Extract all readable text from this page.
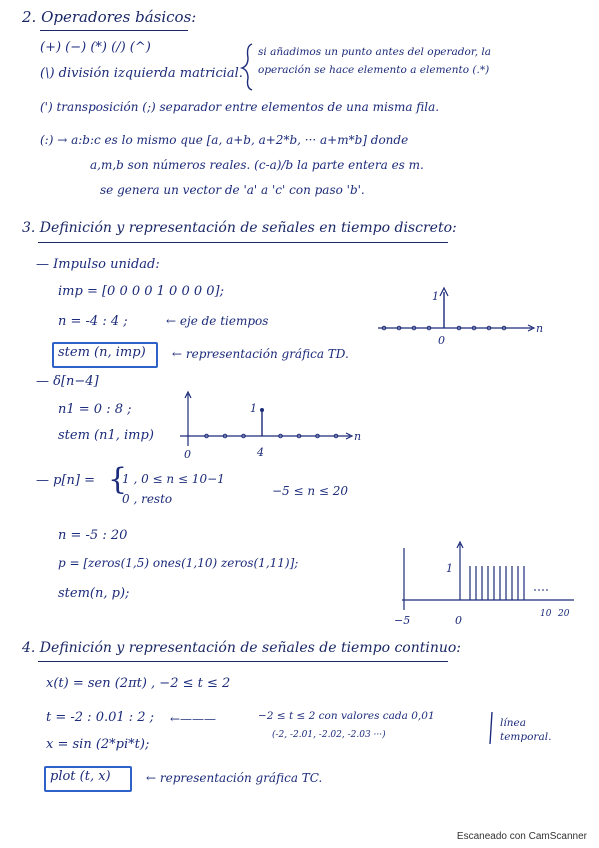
2. Operadores básicos:
(+) (−) (*) (/) (^)
(\) división izquierda matricial.
si añadimos un punto antes del operador, la
operación se hace elemento a elemento (.*)
(') transposición (;) separador entre elementos de una misma fila.
(:) → a:b:c es lo mismo que [a, a+b, a+2*b, ··· a+m*b] donde
a,m,b son números reales. (c-a)/b la parte entera es m.
se genera un vector de 'a' a 'c' con paso 'b'.
3. Definición y representación de señales en tiempo discreto:
— Impulso unidad:
imp = [0 0 0 0 1 0 0 0 0];
n = -4 : 4 ;	← eje de tiempos
stem (n, imp) ← representación gráfica TD.
— δ[n−4]
n1 = 0 : 8 ;
stem (n1, imp)
— p[n] = {
1 , 0 ≤ n ≤ 10−1
0 , resto
−5 ≤ n ≤ 20
n = -5 : 20
p = [zeros(1,5) ones(1,10) zeros(1,11)];
stem(n, p);
4. Definición y representación de señales de tiempo continuo:
x(t) = sen (2πt) , −2 ≤ t ≤ 2
t = -2 : 0.01 : 2 ; ←———	−2 ≤ t ≤ 2 con valores cada 0,01
(-2, -2.01, -2.02, -2.03 ···)
línea temporal.
x = sin (2*pi*t);
plot (t, x)	← representación gráfica TC.
1
0
n
1
0	4
n
1
−5	0	10 20
Escaneado con CamScanner
